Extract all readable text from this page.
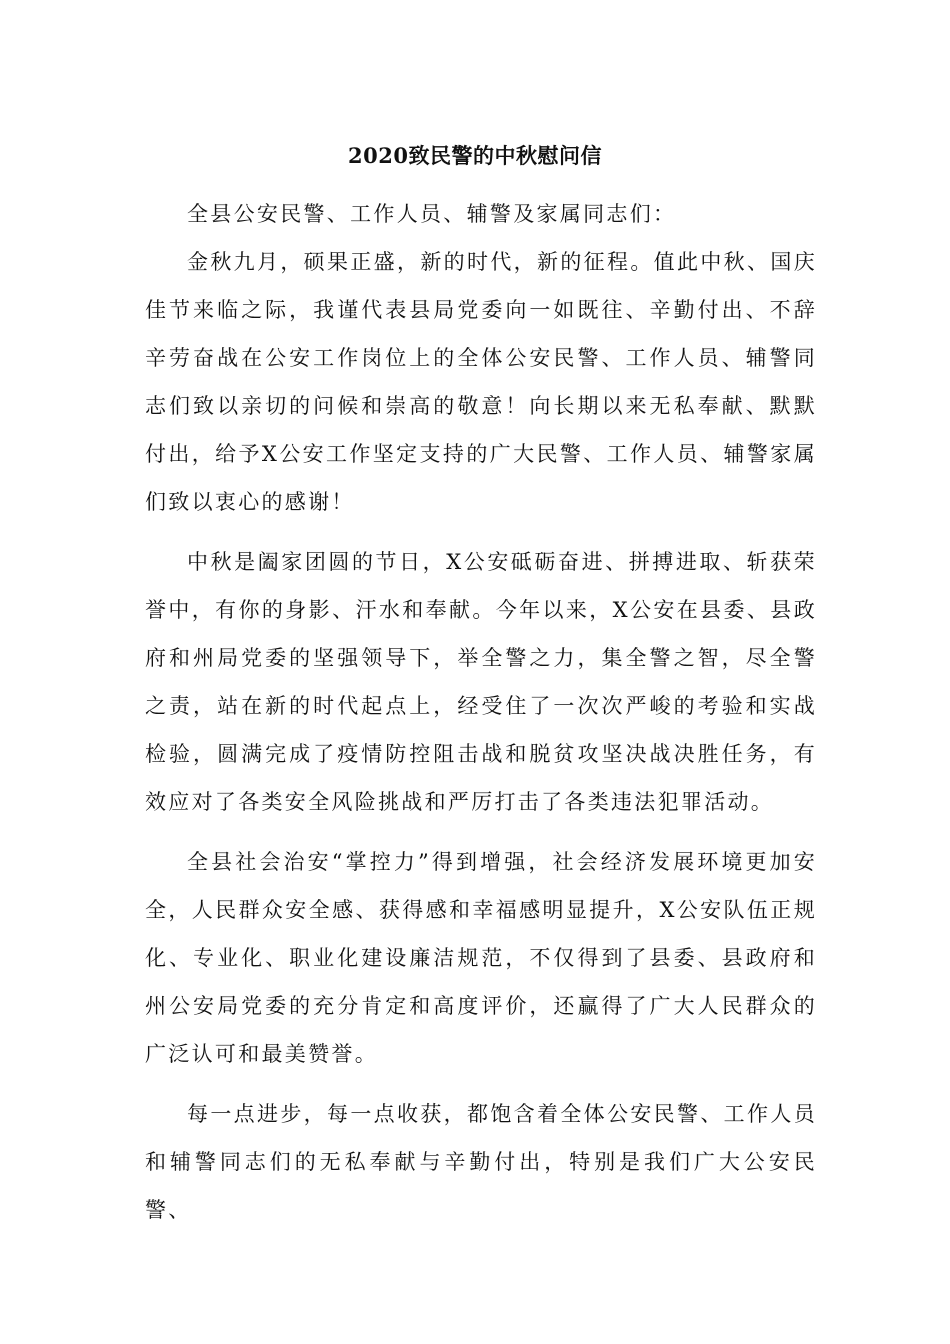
2020致民警的中秋慰问信

全县公安民警、工作人员、辅警及家属同志们：

金秋九月，硕果正盛，新的时代，新的征程。值此中秋、国庆佳节来临之际，我谨代表县局党委向一如既往、辛勤付出、不辞辛劳奋战在公安工作岗位上的全体公安民警、工作人员、辅警同志们致以亲切的问候和崇高的敬意！向长期以来无私奉献、默默付出，给予X公安工作坚定支持的广大民警、工作人员、辅警家属们致以衷心的感谢！

中秋是阖家团圆的节日，X公安砥砺奋进、拼搏进取、斩获荣誉中，有你的身影、汗水和奉献。今年以来，X公安在县委、县政府和州局党委的坚强领导下，举全警之力，集全警之智，尽全警之责，站在新的时代起点上，经受住了一次次严峻的考验和实战检验，圆满完成了疫情防控阻击战和脱贫攻坚决战决胜任务，有效应对了各类安全风险挑战和严厉打击了各类违法犯罪活动。

全县社会治安“掌控力”得到增强，社会经济发展环境更加安全，人民群众安全感、获得感和幸福感明显提升，X公安队伍正规化、专业化、职业化建设廉洁规范，不仅得到了县委、县政府和州公安局党委的充分肯定和高度评价，还赢得了广大人民群众的广泛认可和最美赞誉。

每一点进步，每一点收获，都饱含着全体公安民警、工作人员和辅警同志们的无私奉献与辛勤付出，特别是我们广大公安民警、
